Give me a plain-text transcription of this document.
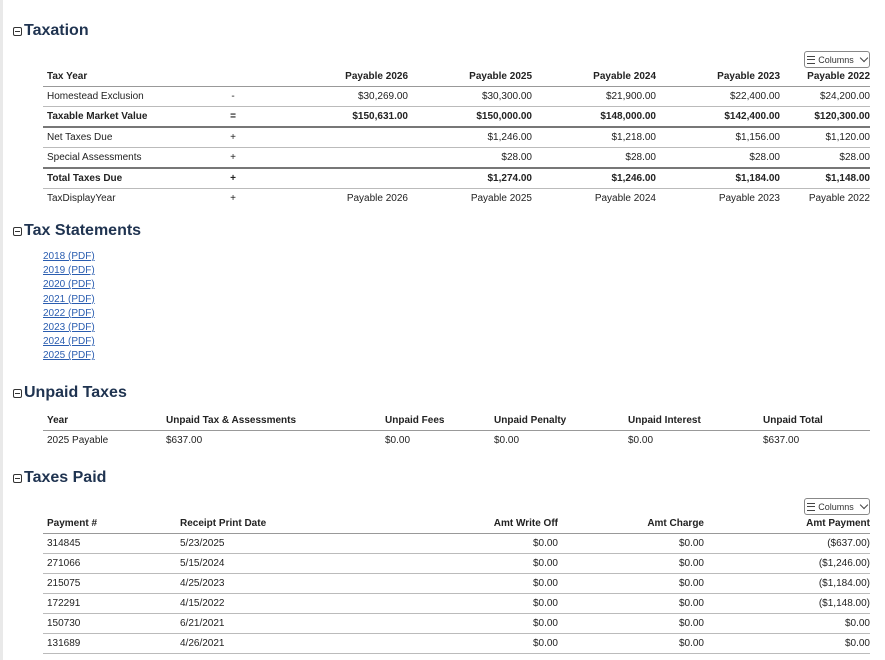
Taxation
Columns
Tax Year		Payable 2026	Payable 2025	Payable 2024	Payable 2023	Payable 2022
Homestead Exclusion	-	$30,269.00	$30,300.00	$21,900.00	$22,400.00	$24,200.00
Taxable Market Value	=	$150,631.00	$150,000.00	$148,000.00	$142,400.00	$120,300.00
Net Taxes Due	+		$1,246.00	$1,218.00	$1,156.00	$1,120.00
Special Assessments	+		$28.00	$28.00	$28.00	$28.00
Total Taxes Due	+		$1,274.00	$1,246.00	$1,184.00	$1,148.00
TaxDisplayYear	+	Payable 2026	Payable 2025	Payable 2024	Payable 2023	Payable 2022
Tax Statements
2018 (PDF)
2019 (PDF)
2020 (PDF)
2021 (PDF)
2022 (PDF)
2023 (PDF)
2024 (PDF)
2025 (PDF)
Unpaid Taxes
Year	Unpaid Tax & Assessments	Unpaid Fees	Unpaid Penalty	Unpaid Interest	Unpaid Total
2025 Payable	$637.00	$0.00	$0.00	$0.00	$637.00
Taxes Paid
Columns
Payment #	Receipt Print Date	Amt Write Off	Amt Charge	Amt Payment
314845	5/23/2025	$0.00	$0.00	($637.00)
271066	5/15/2024	$0.00	$0.00	($1,246.00)
215075	4/25/2023	$0.00	$0.00	($1,184.00)
172291	4/15/2022	$0.00	$0.00	($1,148.00)
150730	6/21/2021	$0.00	$0.00	$0.00
131689	4/26/2021	$0.00	$0.00	$0.00
